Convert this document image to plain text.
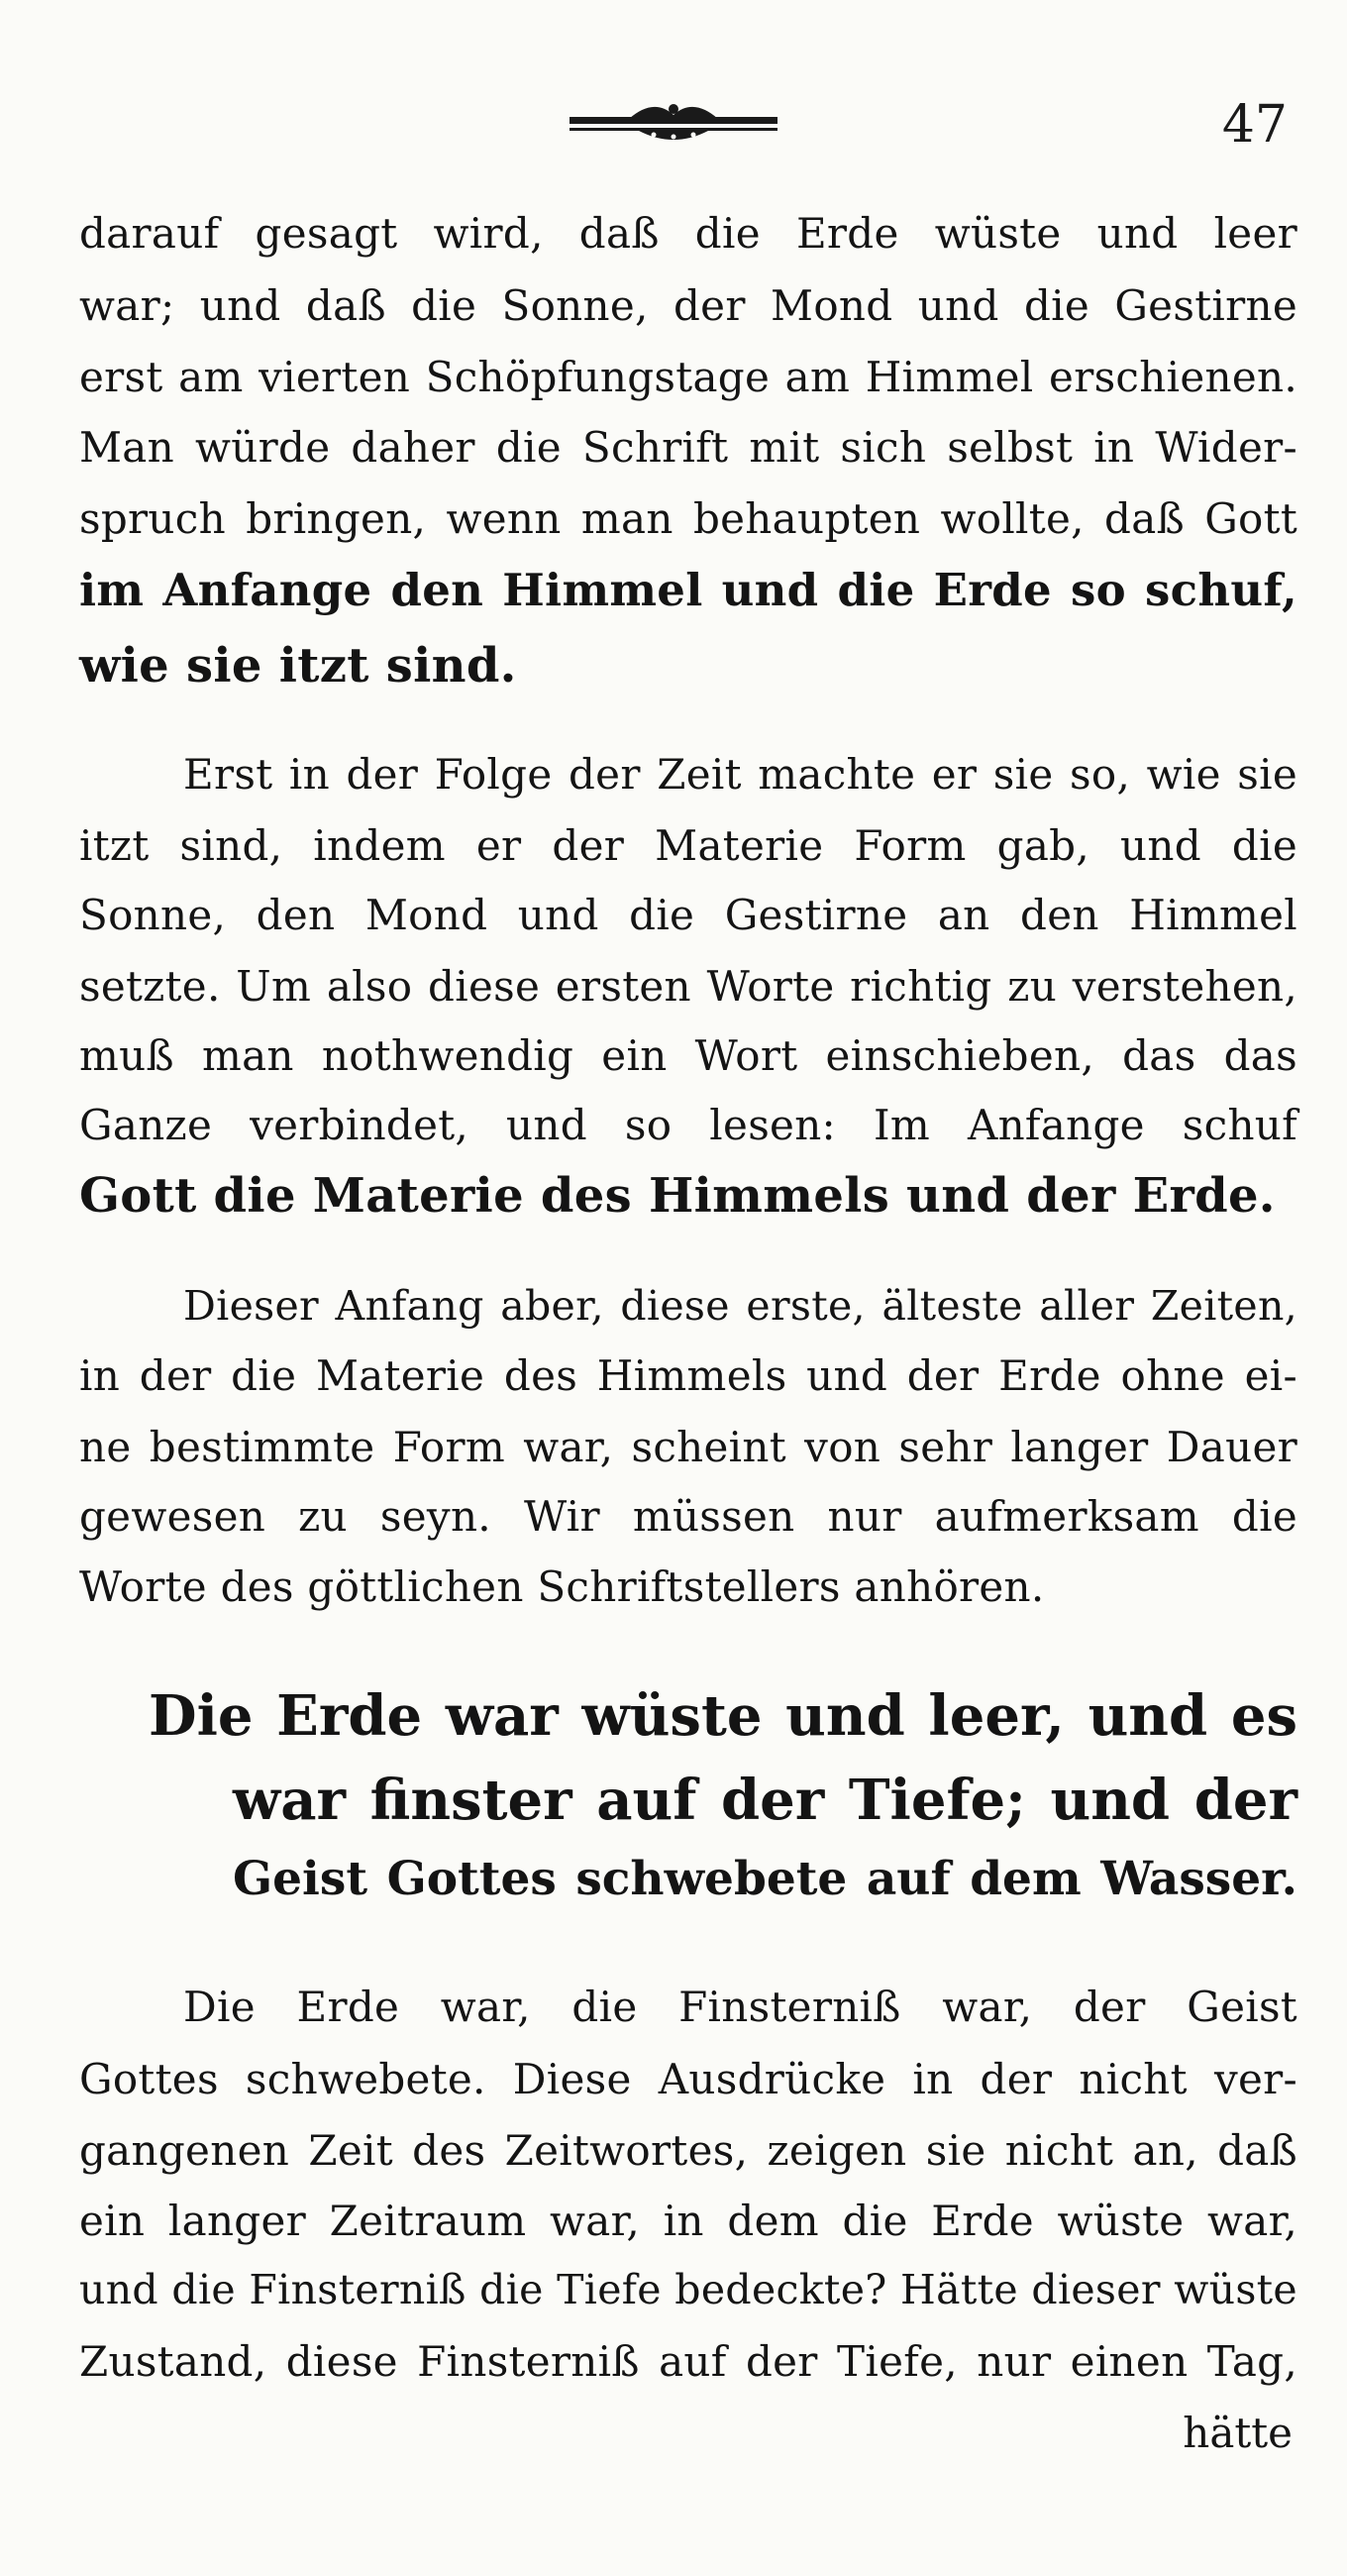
47
darauf gesagt wird, daß die Erde wüste und leer
war; und daß die Sonne, der Mond und die Gestirne
erst am vierten Schöpfungstage am Himmel erschienen.
Man würde daher die Schrift mit sich selbst in Wider-
spruch bringen, wenn man behaupten wollte, daß Gott
im Anfange den Himmel und die Erde so schuf,
wie sie itzt sind.
Erst in der Folge der Zeit machte er sie so, wie sie
itzt sind, indem er der Materie Form gab, und die
Sonne, den Mond und die Gestirne an den Himmel
setzte. Um also diese ersten Worte richtig zu verstehen,
muß man nothwendig ein Wort einschieben, das das
Ganze verbindet, und so lesen: Im Anfange schuf
Gott die Materie des Himmels und der Erde.
Dieser Anfang aber, diese erste, älteste aller Zeiten,
in der die Materie des Himmels und der Erde ohne ei-
ne bestimmte Form war, scheint von sehr langer Dauer
gewesen zu seyn. Wir müssen nur aufmerksam die
Worte des göttlichen Schriftstellers anhören.
Die Erde war wüste und leer, und es
war finster auf der Tiefe; und der
Geist Gottes schwebete auf dem Wasser.
Die Erde war, die Finsterniß war, der Geist
Gottes schwebete. Diese Ausdrücke in der nicht ver-
gangenen Zeit des Zeitwortes, zeigen sie nicht an, daß
ein langer Zeitraum war, in dem die Erde wüste war,
und die Finsterniß die Tiefe bedeckte? Hätte dieser wüste
Zustand, diese Finsterniß auf der Tiefe, nur einen Tag,
hätte
